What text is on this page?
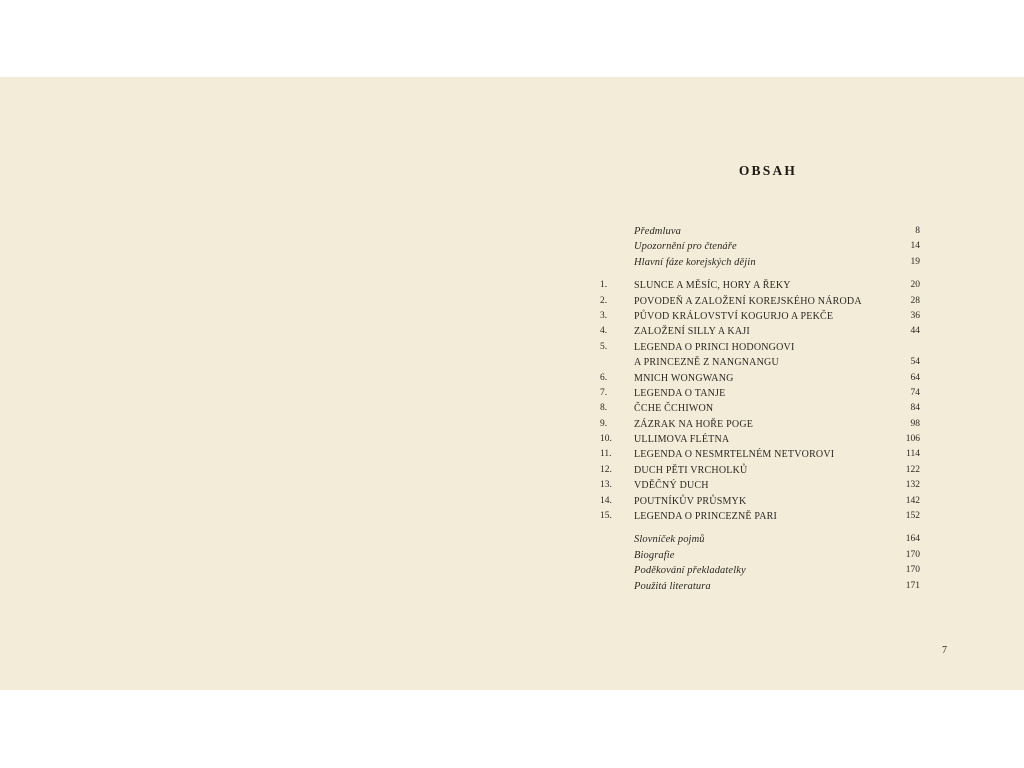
OBSAH
Předmluva	8
Upozornění pro čtenáře	14
Hlavní fáze korejských dějin	19
1.	SLUNCE A MĚSÍC, HORY A ŘEKY	20
2.	POVODEŇ A ZALOŽENÍ KOREJSKÉHO NÁRODA	28
3.	PŮVOD KRÁLOVSTVÍ KOGURJO A PEKČE	36
4.	ZALOŽENÍ SILLY A KAJI	44
5.	LEGENDA O PRINCI HODONGOVI
A PRINCEZNĚ Z NANGNANGU	54
6.	MNICH WONGWANG	64
7.	LEGENDA O TANJE	74
8.	ČCHE ČCHIWON	84
9.	ZÁZRAK NA HOŘE POGE	98
10.	ULLIMOVA FLÉTNA	106
11.	LEGENDA O NESMRTELNÉM NETVOROVI	114
12.	DUCH PĚTI VRCHOLKŮ	122
13.	VDĚČNÝ DUCH	132
14.	POUTNÍKŮV PRŮSMYK	142
15.	LEGENDA O PRINCEZNĚ PARI	152
Slovníček pojmů	164
Biografie	170
Poděkování překladatelky	170
Použitá literatura	171
7
